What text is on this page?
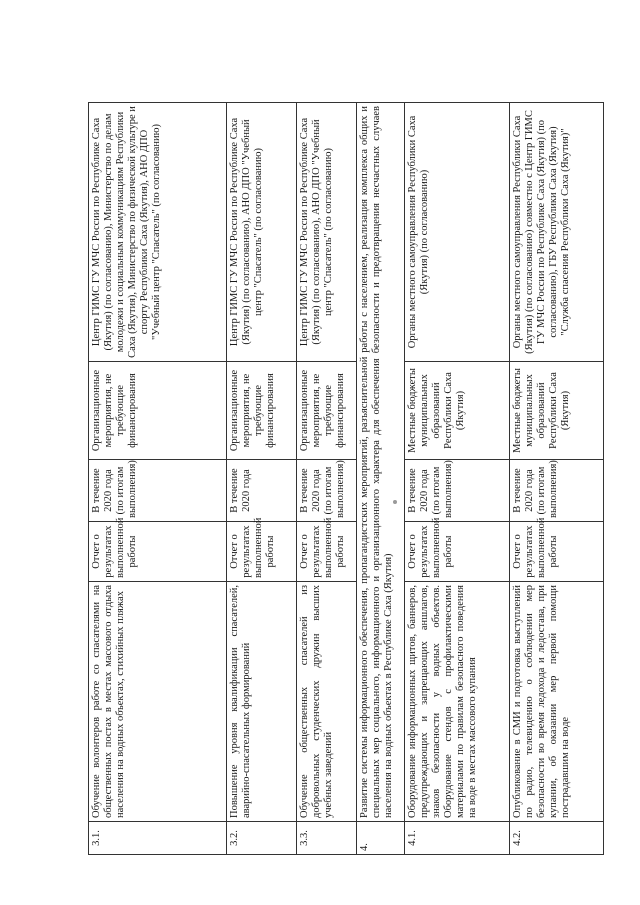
3.1.	Обучение волонтеров работе со спасателями на общественных постах в местах массового отдыха населения на водных объектах, стихийных пляжах	Отчет о результатах выполненной работы	В течение 2020 года (по итогам выполнения)	Организационные мероприятия, не требующие финансирования	Центр ГИМС ГУ МЧС России по Республике Саха (Якутия) (по согласованию), Министерство по делам молодежи и социальным коммуникациям Республики Саха (Якутия), Министерство по физической культуре и спорту Республики Саха (Якутия), АНО ДПО "Учебный центр "Спасатель" (по согласованию)
3.2.	Повышение уровня квалификации спасателей, аварийно-спасательных формирований	Отчет о результатах выполненной работы	В течение 2020 года	Организационные мероприятия, не требующие финансирования	Центр ГИМС ГУ МЧС России по Республике Саха (Якутия) (по согласованию), АНО ДПО "Учебный центр "Спасатель" (по согласованию)
3.3.	Обучение общественных спасателей из добровольных студенческих дружин высших учебных заведений	Отчет о результатах выполненной работы	В течение 2020 года (по итогам выполнения)	Организационные мероприятия, не требующие финансирования	Центр ГИМС ГУ МЧС России по Республике Саха (Якутия) (по согласованию), АНО ДПО "Учебный центр "Спасатель" (по согласованию)
4.	Развитие системы информационного обеспечения, пропагандистских мероприятий, разъяснительной работы с населением, реализация комплекса общих и специальных мер социального, информационного и организационного характера для обеспечения безопасности и предотвращения несчастных случаев населения на водных объектах в Республике Саха (Якутия)				
4.1.	Оборудование информационных щитов, баннеров, предупреждающих и запрещающих аншлагов, знаков безопасности у водных объектов. Оборудование стендов с профилактическими материалами по правилам безопасного поведения на воде в местах массового купания	Отчет о результатах выполненной работы	В течение 2020 года (по итогам выполнения)	Местные бюджеты муниципальных образований Республики Саха (Якутия)	Органы местного самоуправления Республики Саха (Якутия) (по согласованию)
4.2.	Опубликование в СМИ и подготовка выступлений по радио, телевидению о соблюдении мер безопасности во время ледохода и ледостава, при купании, об оказании мер первой помощи пострадавшим на воде	Отчет о результатах выполненной работы	В течение 2020 года (по итогам выполнения)	Местные бюджеты муниципальных образований Республики Саха (Якутия)	Органы местного самоуправления Республики Саха (Якутия) (по согласованию) совместно с Центр ГИМС ГУ МЧС России по Республике Саха (Якутия) (по согласованию), ГБУ Республики Саха (Якутия) "Служба спасения Республики Саха (Якутия)"
